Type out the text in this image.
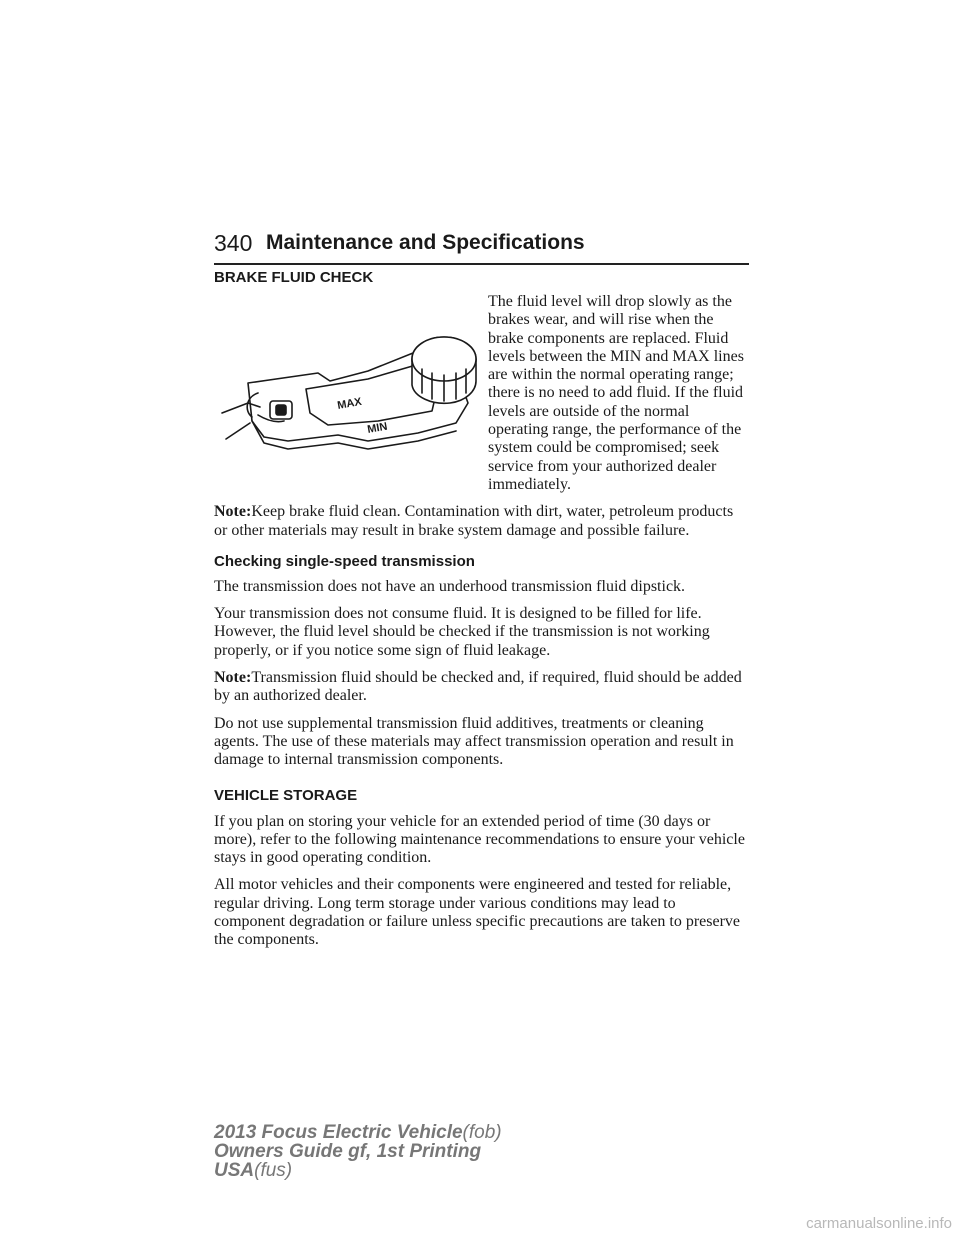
340 Maintenance and Specifications

BRAKE FLUID CHECK

MAX
MIN

The fluid level will drop slowly as the brakes wear, and will rise when the brake components are replaced. Fluid levels between the MIN and MAX lines are within the normal operating range; there is no need to add fluid. If the fluid levels are outside of the normal operating range, the performance of the system could be compromised; seek service from your authorized dealer immediately.

Note:Keep brake fluid clean. Contamination with dirt, water, petroleum products or other materials may result in brake system damage and possible failure.

Checking single-speed transmission

The transmission does not have an underhood transmission fluid dipstick.

Your transmission does not consume fluid. It is designed to be filled for life. However, the fluid level should be checked if the transmission is not working properly, or if you notice some sign of fluid leakage.

Note:Transmission fluid should be checked and, if required, fluid should be added by an authorized dealer.

Do not use supplemental transmission fluid additives, treatments or cleaning agents. The use of these materials may affect transmission operation and result in damage to internal transmission components.

VEHICLE STORAGE

If you plan on storing your vehicle for an extended period of time (30 days or more), refer to the following maintenance recommendations to ensure your vehicle stays in good operating condition.

All motor vehicles and their components were engineered and tested for reliable, regular driving. Long term storage under various conditions may lead to component degradation or failure unless specific precautions are taken to preserve the components.

2013 Focus Electric Vehicle(fob)
Owners Guide gf, 1st Printing
USA(fus)
carmanualsonline.info
